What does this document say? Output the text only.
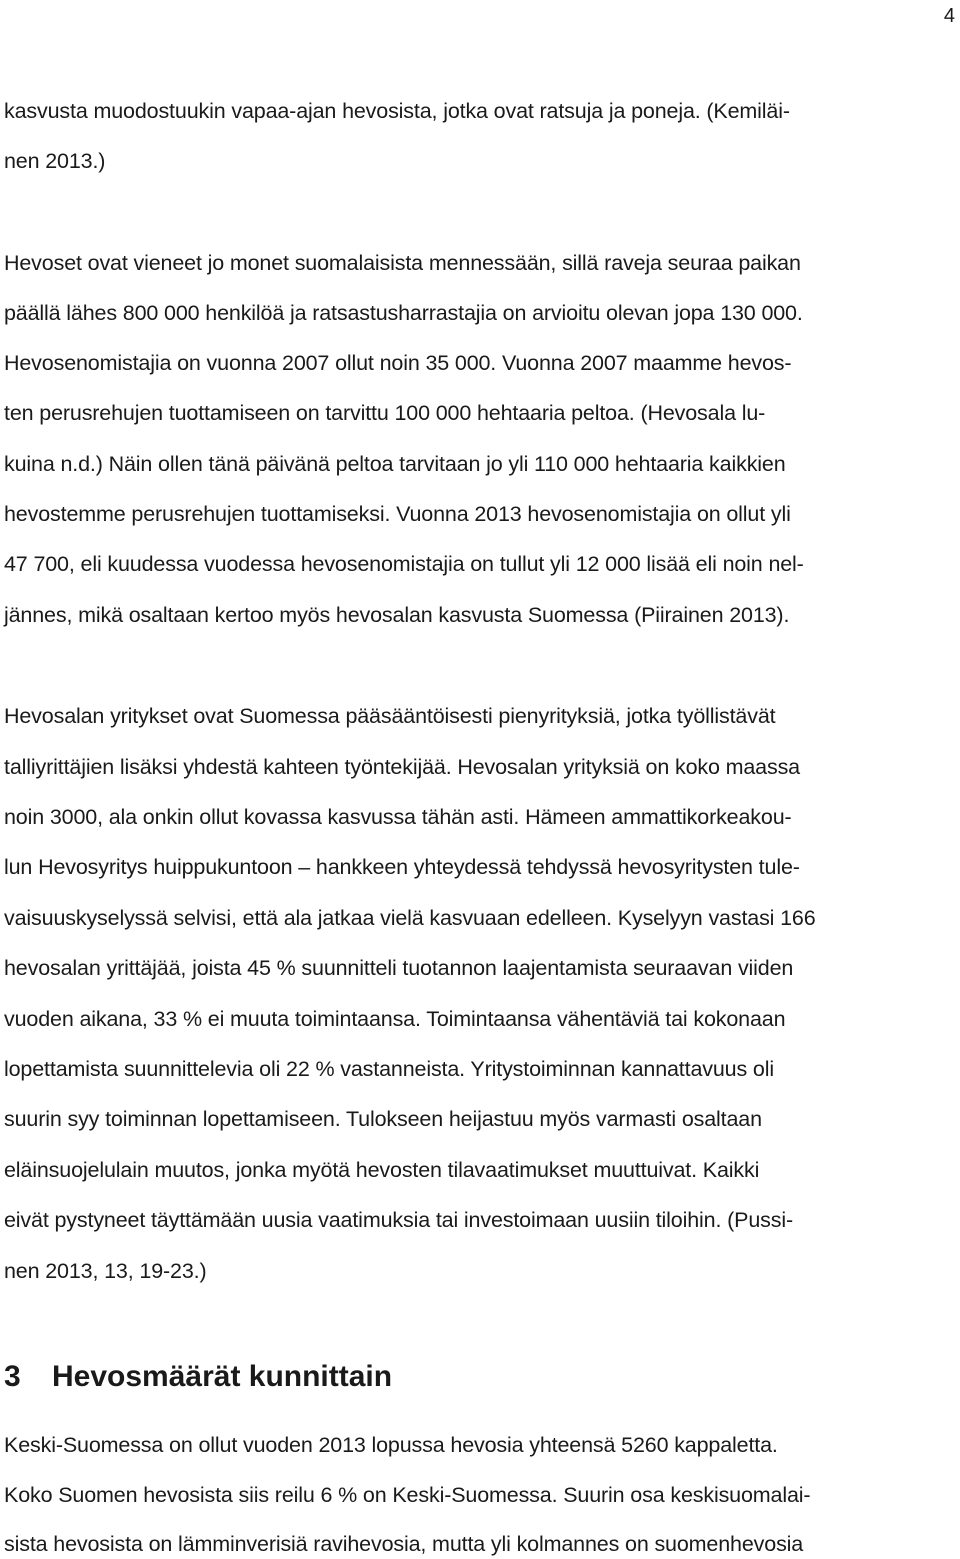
4
kasvusta muodostuukin vapaa-ajan hevosista, jotka ovat ratsuja ja poneja. (Kemiläi-
nen 2013.)
Hevoset ovat vieneet jo monet suomalaisista mennessään, sillä raveja seuraa paikan
päällä lähes 800 000 henkilöä ja ratsastusharrastajia on arvioitu olevan jopa 130 000.
Hevosenomistajia on vuonna 2007 ollut noin 35 000. Vuonna 2007 maamme hevos-
ten perusrehujen tuottamiseen on tarvittu 100 000 hehtaaria peltoa. (Hevosala lu-
kuina n.d.) Näin ollen tänä päivänä peltoa tarvitaan jo yli 110 000 hehtaaria kaikkien
hevostemme perusrehujen tuottamiseksi. Vuonna 2013 hevosenomistajia on ollut yli
47 700, eli kuudessa vuodessa hevosenomistajia on tullut yli 12 000 lisää eli noin nel-
jännes, mikä osaltaan kertoo myös hevosalan kasvusta Suomessa (Piirainen 2013).
Hevosalan yritykset ovat Suomessa pääsääntöisesti pienyrityksiä, jotka työllistävät
talliyrittäjien lisäksi yhdestä kahteen työntekijää. Hevosalan yrityksiä on koko maassa
noin 3000, ala onkin ollut kovassa kasvussa tähän asti. Hämeen ammattikorkeakou-
lun Hevosyritys huippukuntoon – hankkeen yhteydessä tehdyssä hevosyritysten tule-
vaisuuskyselyssä selvisi, että ala jatkaa vielä kasvuaan edelleen. Kyselyyn vastasi 166
hevosalan yrittäjää, joista 45 % suunnitteli tuotannon laajentamista seuraavan viiden
vuoden aikana, 33 % ei muuta toimintaansa. Toimintaansa vähentäviä tai kokonaan
lopettamista suunnittelevia oli 22 % vastanneista. Yritystoiminnan kannattavuus oli
suurin syy toiminnan lopettamiseen. Tulokseen heijastuu myös varmasti osaltaan
eläinsuojelulain muutos, jonka myötä hevosten tilavaatimukset muuttuivat. Kaikki
eivät pystyneet täyttämään uusia vaatimuksia tai investoimaan uusiin tiloihin. (Pussi-
nen 2013, 13, 19-23.)
3 Hevosmäärät kunnittain
Keski-Suomessa on ollut vuoden 2013 lopussa hevosia yhteensä 5260 kappaletta.
Koko Suomen hevosista siis reilu 6 % on Keski-Suomessa. Suurin osa keskisuomalai-
sista hevosista on lämminverisiä ravihevosia, mutta yli kolmannes on suomenhevosia
